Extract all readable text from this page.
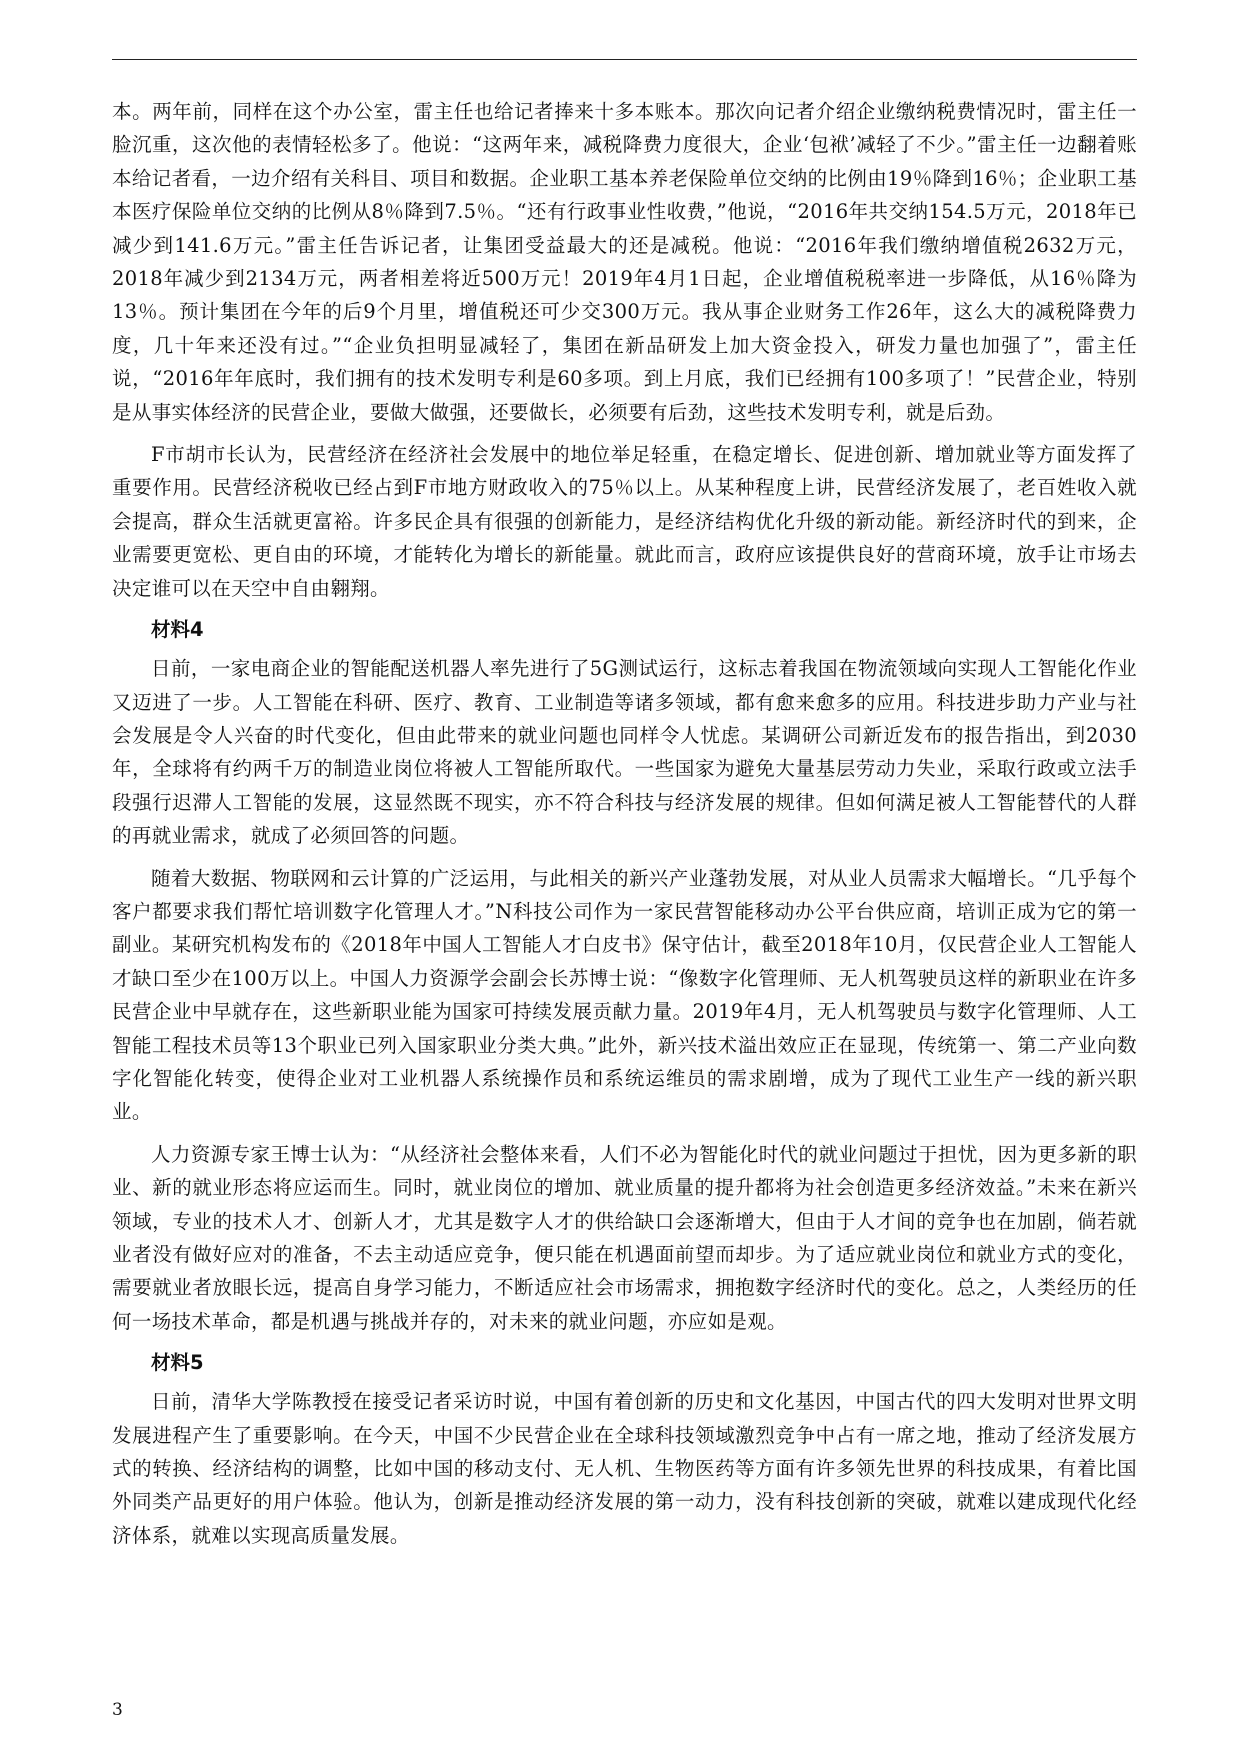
本。两年前，同样在这个办公室，雷主任也给记者捧来十多本账本。那次向记者介绍企业缴纳税费情况时，雷主任一脸沉重，这次他的表情轻松多了。他说：“这两年来，减税降费力度很大，企业‘包袱’减轻了不少。”雷主任一边翻着账本给记者看，一边介绍有关科目、项目和数据。企业职工基本养老保险单位交纳的比例由19％降到16％；企业职工基本医疗保险单位交纳的比例从8％降到7.5％。“还有行政事业性收费，”他说，“2016年共交纳154.5万元，2018年已减少到141.6万元。”雷主任告诉记者，让集团受益最大的还是减税。他说：“2016年我们缴纳增值税2632万元，2018年减少到2134万元，两者相差将近500万元！2019年4月1日起，企业增值税税率进一步降低，从16％降为13％。预计集团在今年的后9个月里，增值税还可少交300万元。我从事企业财务工作26年，这么大的减税降费力度，几十年来还没有过。”“企业负担明显减轻了，集团在新品研发上加大资金投入，研发力量也加强了”，雷主任说，“2016年年底时，我们拥有的技术发明专利是60多项。到上月底，我们已经拥有100多项了！”民营企业，特别是从事实体经济的民营企业，要做大做强，还要做长，必须要有后劲，这些技术发明专利，就是后劲。

F市胡市长认为，民营经济在经济社会发展中的地位举足轻重，在稳定增长、促进创新、增加就业等方面发挥了重要作用。民营经济税收已经占到F市地方财政收入的75％以上。从某种程度上讲，民营经济发展了，老百姓收入就会提高，群众生活就更富裕。许多民企具有很强的创新能力，是经济结构优化升级的新动能。新经济时代的到来，企业需要更宽松、更自由的环境，才能转化为增长的新能量。就此而言，政府应该提供良好的营商环境，放手让市场去决定谁可以在天空中自由翱翔。

材料4

日前，一家电商企业的智能配送机器人率先进行了5G测试运行，这标志着我国在物流领域向实现人工智能化作业又迈进了一步。人工智能在科研、医疗、教育、工业制造等诸多领域，都有愈来愈多的应用。科技进步助力产业与社会发展是令人兴奋的时代变化，但由此带来的就业问题也同样令人忧虑。某调研公司新近发布的报告指出，到2030年，全球将有约两千万的制造业岗位将被人工智能所取代。一些国家为避免大量基层劳动力失业，采取行政或立法手段强行迟滞人工智能的发展，这显然既不现实，亦不符合科技与经济发展的规律。但如何满足被人工智能替代的人群的再就业需求，就成了必须回答的问题。

随着大数据、物联网和云计算的广泛运用，与此相关的新兴产业蓬勃发展，对从业人员需求大幅增长。“几乎每个客户都要求我们帮忙培训数字化管理人才。”N科技公司作为一家民营智能移动办公平台供应商，培训正成为它的第一副业。某研究机构发布的《2018年中国人工智能人才白皮书》保守估计，截至2018年10月，仅民营企业人工智能人才缺口至少在100万以上。中国人力资源学会副会长苏博士说：“像数字化管理师、无人机驾驶员这样的新职业在许多民营企业中早就存在，这些新职业能为国家可持续发展贡献力量。2019年4月，无人机驾驶员与数字化管理师、人工智能工程技术员等13个职业已列入国家职业分类大典。”此外，新兴技术溢出效应正在显现，传统第一、第二产业向数字化智能化转变，使得企业对工业机器人系统操作员和系统运维员的需求剧增，成为了现代工业生产一线的新兴职业。

人力资源专家王博士认为：“从经济社会整体来看，人们不必为智能化时代的就业问题过于担忧，因为更多新的职业、新的就业形态将应运而生。同时，就业岗位的增加、就业质量的提升都将为社会创造更多经济效益。”未来在新兴领域，专业的技术人才、创新人才，尤其是数字人才的供给缺口会逐渐增大，但由于人才间的竞争也在加剧，倘若就业者没有做好应对的准备，不去主动适应竞争，便只能在机遇面前望而却步。为了适应就业岗位和就业方式的变化，需要就业者放眼长远，提高自身学习能力，不断适应社会市场需求，拥抱数字经济时代的变化。总之，人类经历的任何一场技术革命，都是机遇与挑战并存的，对未来的就业问题，亦应如是观。

材料5

日前，清华大学陈教授在接受记者采访时说，中国有着创新的历史和文化基因，中国古代的四大发明对世界文明发展进程产生了重要影响。在今天，中国不少民营企业在全球科技领域激烈竞争中占有一席之地，推动了经济发展方式的转换、经济结构的调整，比如中国的移动支付、无人机、生物医药等方面有许多领先世界的科技成果，有着比国外同类产品更好的用户体验。他认为，创新是推动经济发展的第一动力，没有科技创新的突破，就难以建成现代化经济体系，就难以实现高质量发展。

3
